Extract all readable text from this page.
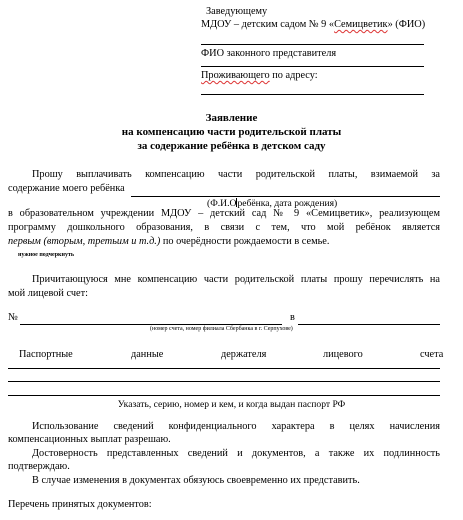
Заведующему
МДОУ – детским садом № 9 «Семицветик» (ФИО)
ФИО законного представителя
Проживающего по адресу:
Заявление
на компенсацию части родительской платы
за содержание ребёнка в детском саду
Прошу выплачивать компенсацию части родительской платы, взимаемой за
содержание моего ребёнка
(Ф.И.Оребёнка, дата рождения)
в образовательном учреждении МДОУ – детский сад № 9 «Семицветик», реализующем
программу дошкольного образования, в связи с тем, что мой ребёнок является
первым (вторым, третьим и т.д.) по очерёдности рождаемости в семье.
нужное подчеркнуть
Причитающуюся мне компенсацию части родительской платы прошу перечислять на
мой лицевой счет:
№	в
(номер счета, номер филиала Сбербанка в г. Серпухове)
Паспортные	данные	держателя	лицевого	счета
Указать, серию, номер и кем, и когда выдан паспорт РФ
Использование сведений конфиденциального характера в целях начисления
компенсационных выплат разрешаю.
Достоверность представленных сведений и документов, а также их подлинность
подтверждаю.
В случае изменения в документах обязуюсь своевременно их представить.
Перечень принятых документов:
